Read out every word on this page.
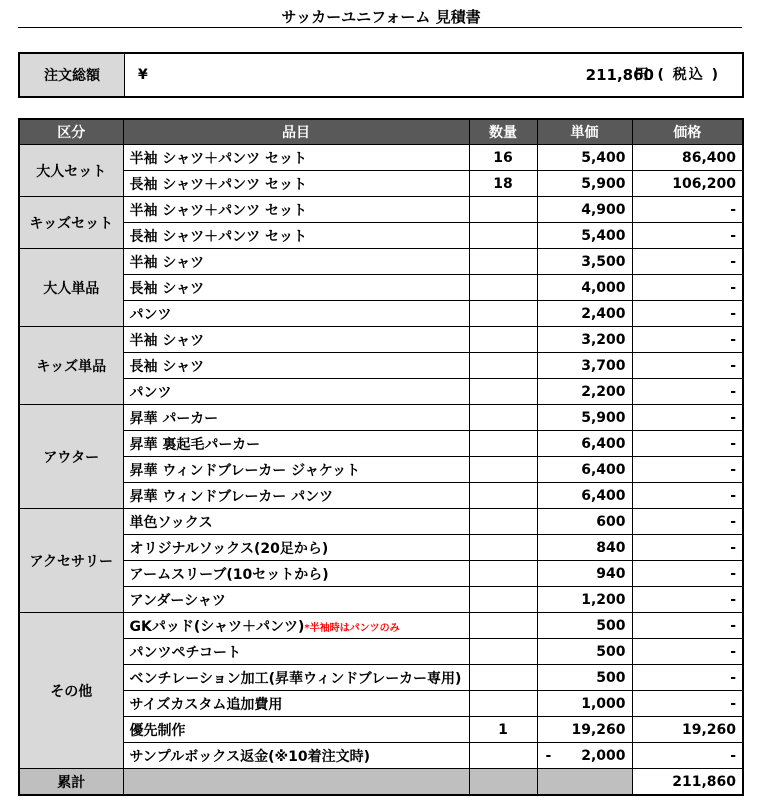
サッカーユニフォーム 見積書
注文総額	¥	211,860
円 ( 税込 )
区分	品目	数量	単価	価格
大人セット	半袖 シャツ＋パンツ セット	16	5,400	86,400
	長袖 シャツ＋パンツ セット	18	5,900	106,200
キッズセット	半袖 シャツ＋パンツ セット		4,900	-
	長袖 シャツ＋パンツ セット		5,400	-
大人単品	半袖 シャツ		3,500	-
	長袖 シャツ		4,000	-
	パンツ		2,400	-
キッズ単品	半袖 シャツ		3,200	-
	長袖 シャツ		3,700	-
	パンツ		2,200	-
アウター	昇華 パーカー		5,900	-
	昇華 裏起毛パーカー		6,400	-
	昇華 ウィンドブレーカー ジャケット		6,400	-
	昇華 ウィンドブレーカー パンツ		6,400	-
アクセサリー	単色ソックス		600	-
	オリジナルソックス(20足から)		840	-
	アームスリーブ(10セットから)		940	-
	アンダーシャツ		1,200	-
その他	GKパッド(シャツ＋パンツ)*半袖時はパンツのみ		500	-
	パンツペチコート		500	-
	ベンチレーション加工(昇華ウィンドブレーカー専用)		500	-
	サイズカスタム追加費用		1,000	-
	優先制作	1	19,260	19,260
	サンプルボックス返金(※10着注文時)		- 2,000	-
累計				211,860
